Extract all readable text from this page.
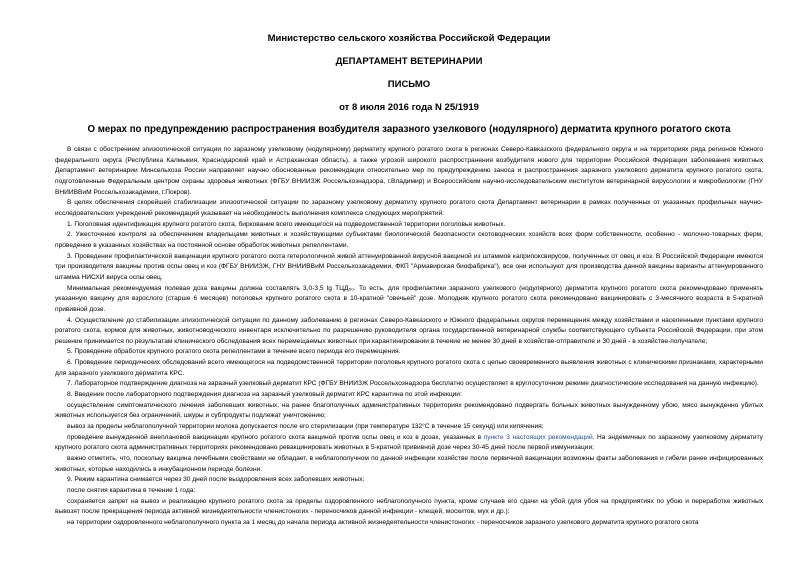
Министерство сельского хозяйства Российской Федерации

ДЕПАРТАМЕНТ ВЕТЕРИНАРИИ

ПИСЬМО

от 8 июля 2016 года N 25/1919

О мерах по предупреждению распространения возбудителя заразного узелкового (нодулярного) дерматита крупного рогатого скота

В связи с обострением эпизоотической ситуации по заразному узелковому (нодулярному) дерматиту крупного рогатого скота в регионах Северо-Кавказского федерального округа и на территориях ряда регионов Южного федерального округа (Республика Калмыкия, Краснодарский край и Астраханская область), а также угрозой широкого распространения возбудителя нового для территории Российской Федерации заболевания животных Департамент ветеринарии Минсельхоза России направляет научно обоснованные рекомендации относительно мер по предупреждению заноса и распространения заразного узелкового дерматита крупного рогатого скота, подготовленные Федеральным центром охраны здоровья животных (ФГБУ ВНИИЗЖ Россельхознадзора, г.Владимир) и Всероссийским научно-исследовательским институтом ветеринарной вирусологии и микробиологии (ГНУ ВНИИВВиМ Россельхозакадемии, г.Покров).

В целях обеспечения скорейшей стабилизации эпизоотической ситуации по заразному узелковому дерматиту крупного рогатого скота Департамент ветеринарии в рамках полученных от указанных профильных научно-исследовательских учреждений рекомендаций указывает на необходимость выполнения комплекса следующих мероприятий:

1. Поголовная идентификация крупного рогатого скота, биркование всего имеющегося на подведомственной территории поголовья животных.

2. Ужесточение контроля за обеспечением владельцами животных и хозяйствующими субъектами биологической безопасности скотоводческих хозяйств всех форм собственности, особенно - молочно-товарных ферм, проведение в указанных хозяйствах на постоянной основе обработок животных репеллентами.

3. Проведение профилактической вакцинации крупного рогатого скота гетерологичной живой аттенуированной вирусной вакциной из штаммов каприпоксвирусов, полученных от овец и коз. В Российской Федерации имеются три производителя вакцины против оспы овец и коз (ФГБУ ВНИИЗЖ, ГНУ ВНИИВВиМ Россельхозакадемии, ФКП "Армавирская биофабрика"), все они используют для производства данной вакцины варианты аттенуированного штамма НИСХИ вируса оспы овец.

Минимальная рекомендуемая полевая доза вакцины должна составлять 3,0-3,5 lg ТЦД₅₀. То есть, для профилактики заразного узелкового (нодулярного) дерматита крупного рогатого скота рекомендовано применять указанную вакцину для взрослого (старше 6 месяцев) поголовья крупного рогатого скота в 10-кратной "овечьей" дозе. Молодняк крупного рогатого скота рекомендовано вакцинировать с 3-месячного возраста в 5-кратной прививной дозе.

4. Осуществление до стабилизации эпизоотической ситуации по данному заболеванию в регионах Северо-Кавказского и Южного федеральных округов перемещения между хозяйствами и населенными пунктами крупного рогатого скота, кормов для животных, животноводческого инвентаря исключительно по разрешению руководителя органа государственной ветеринарной службы соответствующего субъекта Российской Федерации, при этом решение принимается по результатам клинического обследования всех перемещаемых животных при карантинировании в течение не менее 30 дней в хозяйстве-отправителе и 30 дней - в хозяйстве-получателе;

5. Проведение обработок крупного рогатого скота репеллентами в течение всего периода его перемещения.

6. Проведение периодических обследований всего имеющегося на подведомственной территории поголовья крупного рогатого скота с целью своевременного выявления животных с клиническими признаками, характерными для заразного узелкового дерматита КРС.

7. Лабораторное подтверждение диагноза на заразный узелковый дерматит КРС (ФГБУ ВНИИЗЖ Россельхознадзора бесплатно осуществляет в круглосуточном режиме диагностические исследования на данную инфекцию).

8. Введение после лабораторного подтверждения диагноза на заразный узелковый дерматит КРС карантина по этой инфекции:

осуществление симптоматического лечения заболевших животных; на ранее благополучных административных территориях рекомендовано подвергать больных животных вынужденному убою, мясо вынужденно убитых животных используется без ограничений, шкуры и субпродукты подлежат уничтожению;

вывоз за пределы неблагополучной территории молока допускается после его стерилизации (при температуре 132°С в течение 15 секунд) или кипячения;

проведение вынужденной внеплановой вакцинации крупного рогатого скота вакциной против оспы овец и коз в дозах, указанных в пункте 3 настоящих рекомендаций. На эндемичных по заразному узелковому дерматиту крупного рогатого скота административных территориях рекомендовано ревакцинировать животных в 5-кратной прививной дозе через 30-45 дней после первой иммунизации;

важно отметить, что, поскольку вакцина лечебными свойствами не обладает, в неблагополучном по данной инфекции хозяйстве после первичной вакцинации возможны факты заболевания и гибели ранее инфицированных животных, которые находились в инкубационном периоде болезни.

9. Режим карантина снимается через 30 дней после выздоровления всех заболевших животных;

после снятия карантина в течение 1 года:

сохраняется запрет на вывоз и реализацию крупного рогатого скота за пределы оздоровленного неблагополучного пункта, кроме случаев его сдачи на убой (для убоя на предприятиях по убою и переработке животных вывозят после прекращения периода активной жизнедеятельности членистоногих - переносчиков данной инфекции - клещей, москитов, мух и др.);

на территории оздоровленного неблагополучного пункта за 1 месяц до начала периода активной жизнедеятельности членистоногих - переносчиков заразного узелкового дерматита крупного рогатого скота
